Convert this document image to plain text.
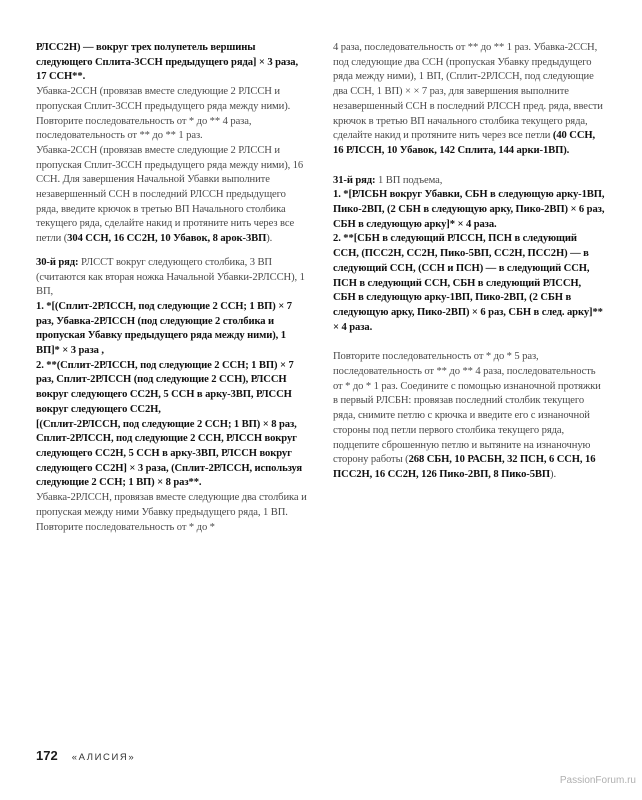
РЛСС2Н) — вокруг трех полупетель вершины следующего Сплита-3ССН предыдущего ряда] × 3 раза, 17 ССН**.

Убавка-2ССН (провязав вместе следующие 2 РЛССН и пропуская Сплит-3ССН предыдущего ряда между ними). Повторите последовательность от * до ** 4 раза, последовательность от ** до ** 1 раз.

Убавка-2ССН (провязав вместе следующие 2 РЛССН и пропуская Сплит-3ССН предыдущего ряда между ними), 16 ССН. Для завершения Начальной Убавки выполните незавершенный ССН в последний РЛССН предыдущего ряда, введите крючок в третью ВП Начального столбика текущего ряда, сделайте накид и протяните нить через все петли (304 ССН, 16 СС2Н, 10 Убавок, 8 арок-3ВП).

30-й ряд: РЛССТ вокруг следующего столбика, 3 ВП (считаются как вторая ножка Начальной Убавки-2РЛССН), 1 ВП,

1. *[(Сплит-2РЛССН, под следующие 2 ССН; 1 ВП) × 7 раз, Убавка-2РЛССН (под следующие 2 столбика и пропуская Убавку предыдущего ряда между ними), 1 ВП]* × 3 раза ,

2. **(Сплит-2РЛССН, под следующие 2 ССН; 1 ВП) × 7 раз, Сплит-2РЛССН (под следующие 2 ССН), РЛССН вокруг следующего СС2Н, 5 ССН в арку-3ВП, РЛССН вокруг следующего СС2Н,

[(Сплит-2РЛССН, под следующие 2 ССН; 1 ВП) × 8 раз, Сплит-2РЛССН, под следующие 2 ССН, РЛССН вокруг следующего СС2Н, 5 ССН в арку-3ВП, РЛССН вокруг следующего СС2Н] × 3 раза, (Сплит-2РЛССН, используя следующие 2 ССН; 1 ВП) × 8 раз**.

Убавка-2РЛССН, провязав вместе следующие два столбика и пропуская между ними Убавку предыдущего ряда, 1 ВП. Повторите последовательность от * до *

4 раза, последовательность от ** до ** 1 раз. Убавка-2ССН, под следующие два ССН (пропуская Убавку предыдущего ряда между ними), 1 ВП, (Сплит-2РЛССН, под следующие два ССН, 1 ВП) × × 7 раз, для завершения выполните незавершенный ССН в последний РЛССН пред. ряда, ввести крючок в третью ВП начального столбика текущего ряда, сделайте накид и протяните нить через все петли (40 ССН, 16 РЛССН, 10 Убавок, 142 Сплита, 144 арки-1ВП).

31-й ряд: 1 ВП подъема,

1. *[РЛСБН вокруг Убавки, СБН в следующую арку-1ВП, Пико-2ВП, (2 СБН в следующую арку, Пико-2ВП) × 6 раз, СБН в следующую арку]* × 4 раза.

2. **[СБН в следующий РЛССН, ПСН в следующий ССН, (ПСС2Н, СС2Н, Пико-5ВП, СС2Н, ПСС2Н) — в следующий ССН, (ССН и ПСН) — в следующий ССН, ПСН в следующий ССН, СБН в следующий РЛССН, СБН в следующую арку-1ВП, Пико-2ВП, (2 СБН в следующую арку, Пико-2ВП) × 6 раз, СБН в след. арку]** × 4 раза.

Повторите последовательность от * до * 5 раз, последовательность от ** до ** 4 раза, последовательность от * до * 1 раз. Соедините с помощью изнаночной протяжки в первый РЛСБН: провязав последний столбик текущего ряда, снимите петлю с крючка и введите его с изнаночной стороны под петли первого столбика текущего ряда, подцепите сброшенную петлю и вытяните на изнаночную сторону работы (268 СБН, 10 РАСБН, 32 ПСН, 6 ССН, 16 ПСС2Н, 16 СС2Н, 126 Пико-2ВП, 8 Пико-5ВП).

172 «АЛИСИЯ»
PassionForum.ru
